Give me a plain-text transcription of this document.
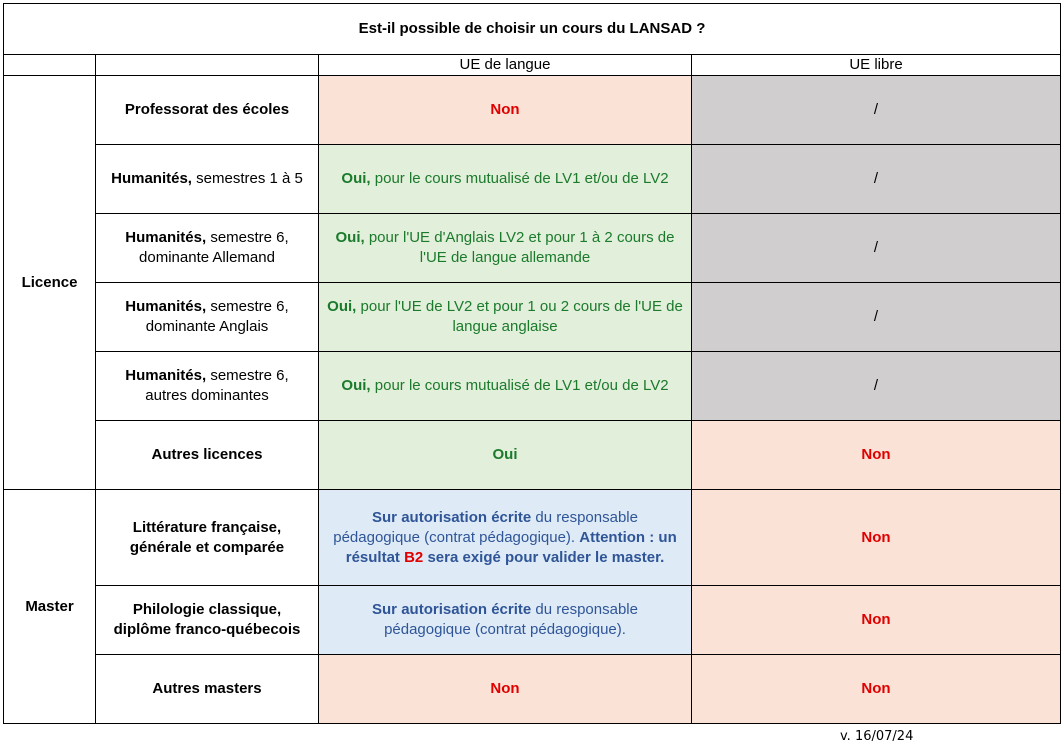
Est-il possible de choisir un cours du LANSAD ?			
		UE de langue	UE libre
Licence	Professorat des écoles	Non	/
	Humanités, semestres 1 à 5	Oui, pour le cours mutualisé de LV1 et/ou de LV2	/
	Humanités, semestre 6, dominante Allemand	Oui, pour l'UE d'Anglais LV2 et pour 1 à 2 cours de l'UE de langue allemande	/
	Humanités, semestre 6, dominante Anglais	Oui, pour l'UE de LV2 et pour 1 ou 2 cours de l'UE de langue anglaise	/
	Humanités, semestre 6, autres dominantes	Oui, pour le cours mutualisé de LV1 et/ou de LV2	/
	Autres licences	Oui	Non
Master	Littérature française, générale et comparée	Sur autorisation écrite du responsable pédagogique (contrat pédagogique). Attention : un résultat B2 sera exigé pour valider le master.	Non
	Philologie classique, diplôme franco-québecois	Sur autorisation écrite du responsable pédagogique (contrat pédagogique).	Non
	Autres masters	Non	Non
v. 16/07/24
